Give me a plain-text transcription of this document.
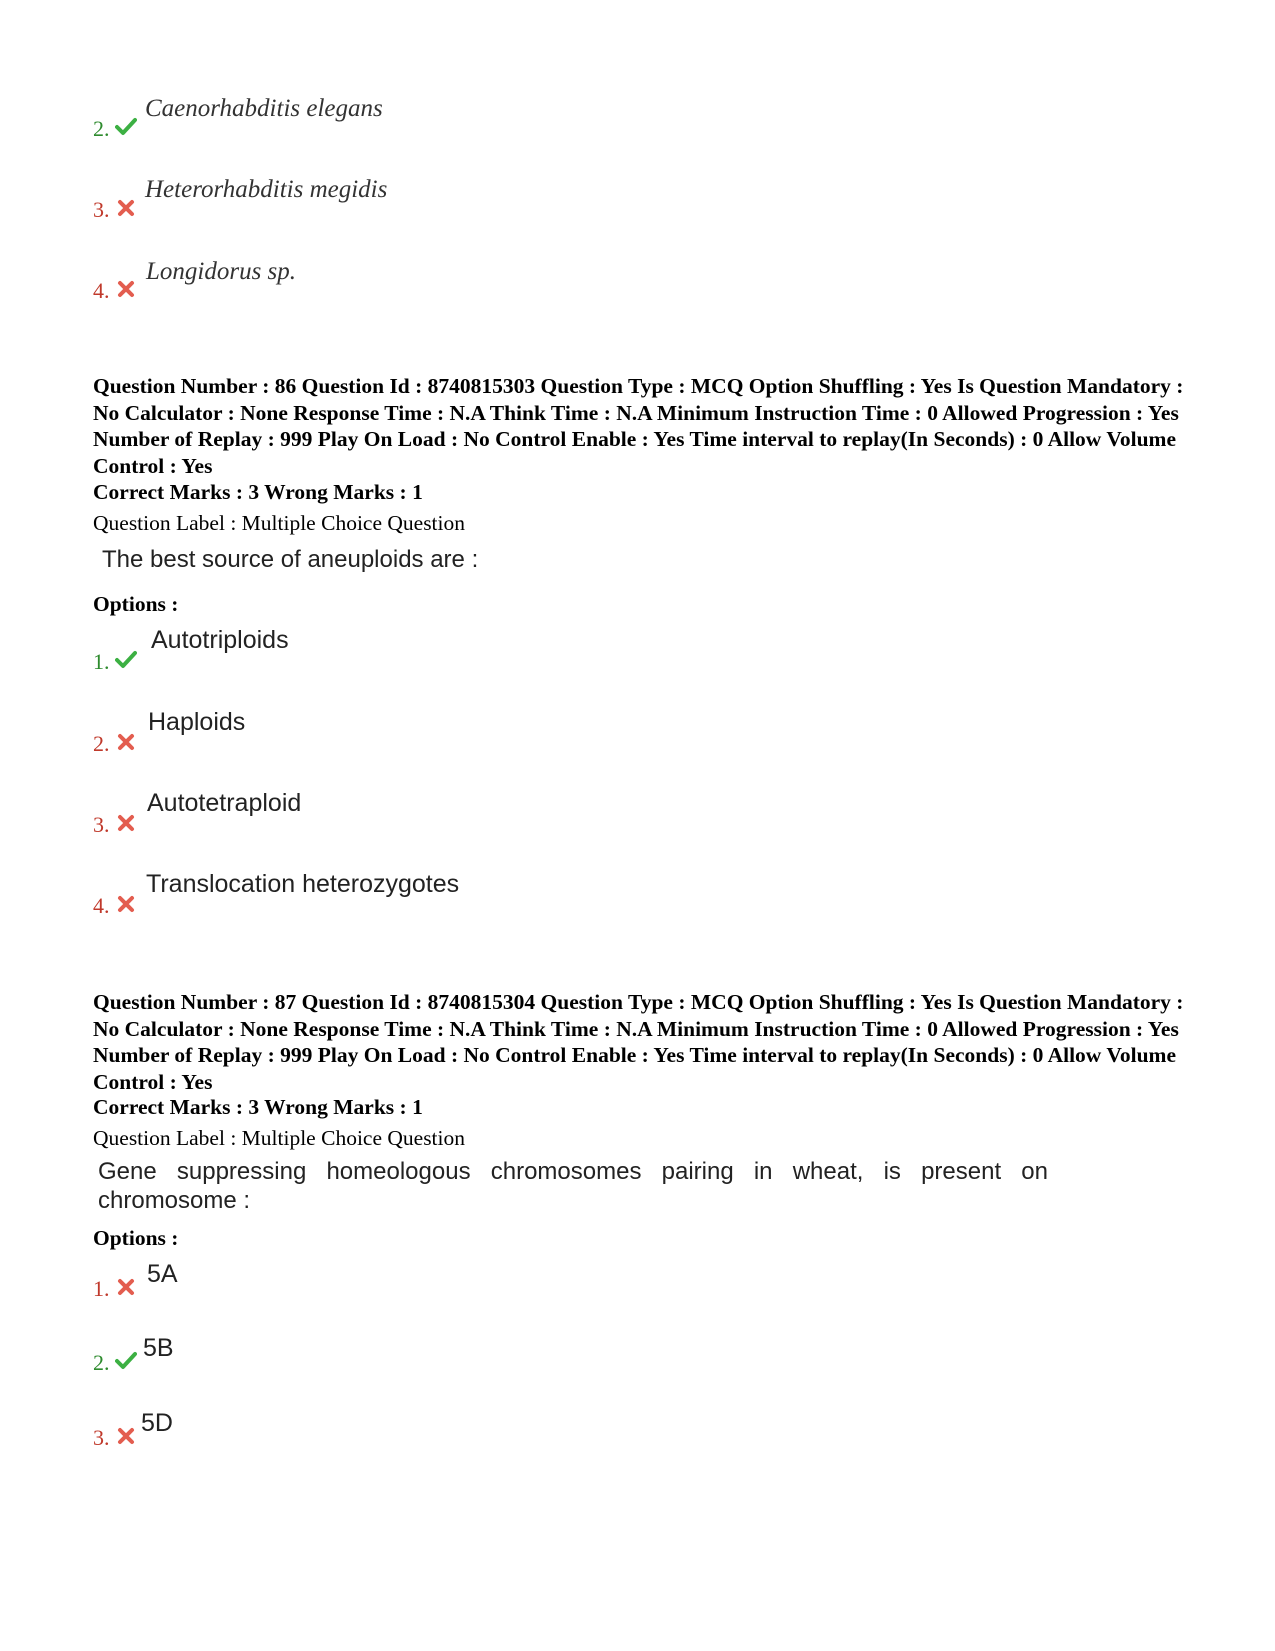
2.
Caenorhabditis elegans
3.
Heterorhabditis megidis
4.
Longidorus sp.
Question Number : 86 Question Id : 8740815303 Question Type : MCQ Option Shuffling : Yes Is Question Mandatory : No Calculator : None Response Time : N.A Think Time : N.A Minimum Instruction Time : 0 Allowed Progression : Yes Number of Replay : 999 Play On Load : No Control Enable : Yes Time interval to replay(In Seconds) : 0 Allow Volume Control : Yes
Correct Marks : 3 Wrong Marks : 1
Question Label : Multiple Choice Question
The best source of aneuploids are :
Options :
1.
Autotriploids
2.
Haploids
3.
Autotetraploid
4.
Translocation heterozygotes
Question Number : 87 Question Id : 8740815304 Question Type : MCQ Option Shuffling : Yes Is Question Mandatory : No Calculator : None Response Time : N.A Think Time : N.A Minimum Instruction Time : 0 Allowed Progression : Yes Number of Replay : 999 Play On Load : No Control Enable : Yes Time interval to replay(In Seconds) : 0 Allow Volume Control : Yes
Correct Marks : 3 Wrong Marks : 1
Question Label : Multiple Choice Question
Gene suppressing homeologous chromosomes pairing in wheat, is present on chromosome :
Options :
1.
5A
2.
5B
3.
5D
